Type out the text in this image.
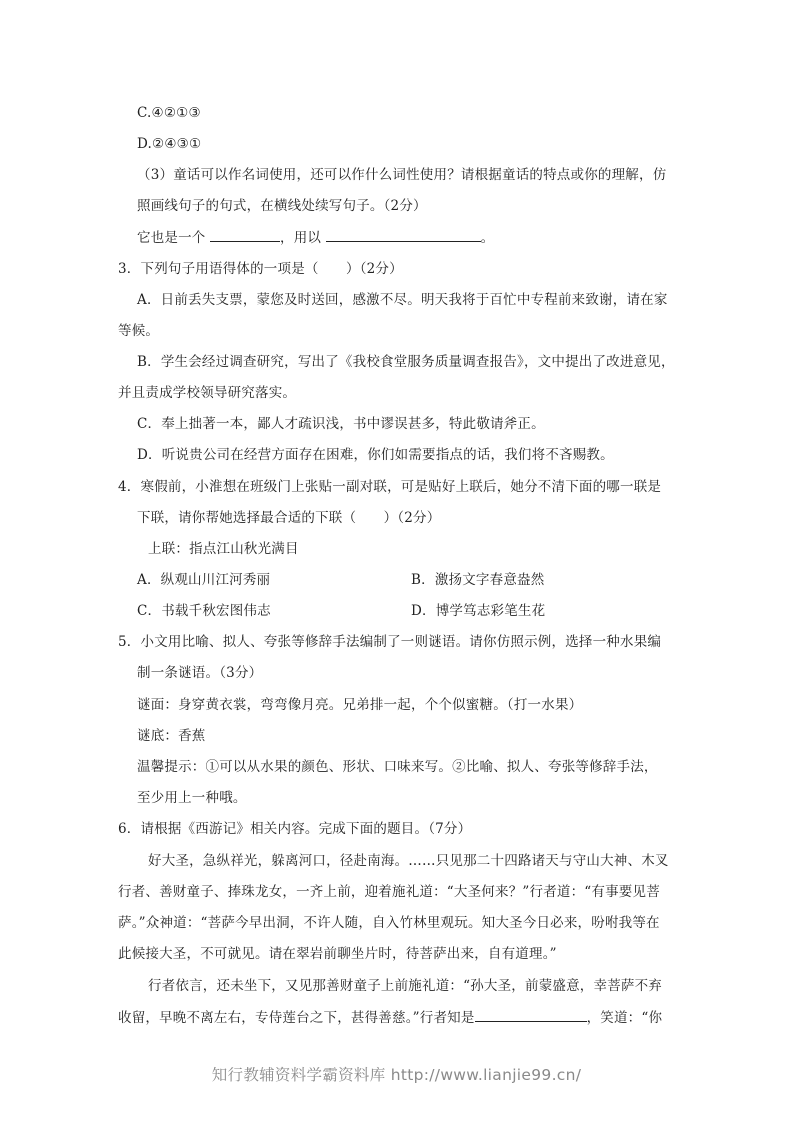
C.④②①③
D.②④③①
（3）童话可以作名词使用，还可以作什么词性使用？请根据童话的特点或你的理解，仿
照画线句子的句式，在横线处续写句子。（2分）
它也是一个	，用以	。
3．下列句子用语得体的一项是（　　）（2分）
A．日前丢失支票，蒙您及时送回，感激不尽。明天我将于百忙中专程前来致谢，请在家
等候。
B．学生会经过调查研究，写出了《我校食堂服务质量调查报告》，文中提出了改进意见，
并且责成学校领导研究落实。
C．奉上拙著一本，鄙人才疏识浅，书中谬误甚多，特此敬请斧正。
D．听说贵公司在经营方面存在困难，你们如需要指点的话，我们将不吝赐教。
4．寒假前，小淮想在班级门上张贴一副对联，可是贴好上联后，她分不清下面的哪一联是
下联，请你帮她选择最合适的下联（　　）（2分）
上联：指点江山秋光满目
A．纵观山川江河秀丽	B．激扬文字春意盎然
C．书载千秋宏图伟志	D．博学笃志彩笔生花
5．小文用比喻、拟人、夸张等修辞手法编制了一则谜语。请你仿照示例，选择一种水果编
制一条谜语。（3分）
谜面：身穿黄衣裳，弯弯像月亮。兄弟排一起，个个似蜜糖。（打一水果）
谜底：香蕉
温馨提示：①可以从水果的颜色、形状、口味来写。②比喻、拟人、夸张等修辞手法，
至少用上一种哦。
6．请根据《西游记》相关内容。完成下面的题目。（7分）
好大圣，急纵祥光，躲离河口，径赴南海。……只见那二十四路诸天与守山大神、木叉
行者、善财童子、捧珠龙女，一齐上前，迎着施礼道：“大圣何来？”行者道：“有事要见菩
萨。”众神道：“菩萨今早出洞，不许人随，自入竹林里观玩。知大圣今日必来，吩咐我等在
此候接大圣，不可就见。请在翠岩前聊坐片时，待菩萨出来，自有道理。”
行者依言，还未坐下，又见那善财童子上前施礼道：“孙大圣，前蒙盛意，幸菩萨不弃
收留，早晚不离左右，专侍莲台之下，甚得善慈。”行者知是	，笑道：“你
知行教辅资料学霸资料库 http://www.lianjie99.cn/
